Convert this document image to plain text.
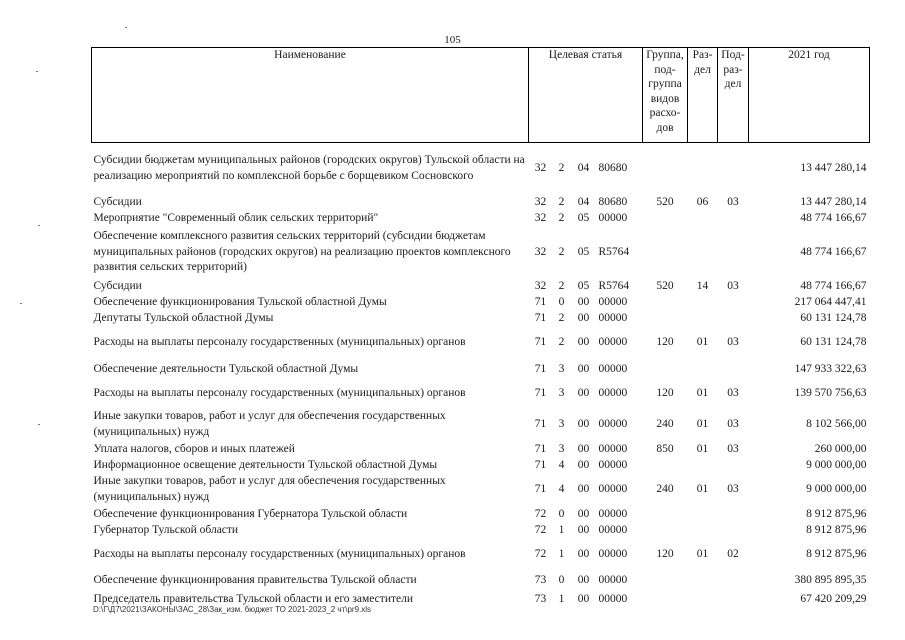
105
Наименование	Целевая статья				Группа, под-группа видов расхо-дов	Раз-дел	Под-раз-дел	2021 год
Субсидии бюджетам муниципальных районов (городских округов) Тульской области на реализацию мероприятий по комплексной борьбе с борщевиком Сосновского	32	2	04	80680				13 447 280,14
Субсидии	32	2	04	80680	520	06	03	13 447 280,14
Мероприятие "Современный облик сельских территорий"	32	2	05	00000				48 774 166,67
Обеспечение комплексного развития сельских территорий (субсидии бюджетам муниципальных районов (городских округов) на реализацию проектов комплексного развития сельских территорий)	32	2	05	R5764				48 774 166,67
Субсидии	32	2	05	R5764	520	14	03	48 774 166,67
Обеспечение функционирования Тульской областной Думы	71	0	00	00000				217 064 447,41
Депутаты Тульской областной Думы	71	2	00	00000				60 131 124,78
Расходы на выплаты персоналу государственных (муниципальных) органов	71	2	00	00000	120	01	03	60 131 124,78
Обеспечение деятельности Тульской областной Думы	71	3	00	00000				147 933 322,63
Расходы на выплаты персоналу государственных (муниципальных) органов	71	3	00	00000	120	01	03	139 570 756,63
Иные закупки товаров, работ и услуг для обеспечения государственных (муниципальных) нужд	71	3	00	00000	240	01	03	8 102 566,00
Уплата налогов, сборов и иных платежей	71	3	00	00000	850	01	03	260 000,00
Информационное освещение деятельности Тульской областной Думы	71	4	00	00000				9 000 000,00
Иные закупки товаров, работ и услуг для обеспечения государственных (муниципальных) нужд	71	4	00	00000	240	01	03	9 000 000,00
Обеспечение функционирования Губернатора Тульской области	72	0	00	00000				8 912 875,96
Губернатор Тульской области	72	1	00	00000				8 912 875,96
Расходы на выплаты персоналу государственных (муниципальных) органов	72	1	00	00000	120	01	02	8 912 875,96
Обеспечение функционирования правительства Тульской области	73	0	00	00000				380 895 895,35
Председатель правительства Тульской области и его заместители	73	1	00	00000				67 420 209,29
D:\Г\Д7\2021\ЗАКОНЫ\ЗАС_28\Зак_изм. бюджет ТО 2021-2023_2 чт\pr9.xls
